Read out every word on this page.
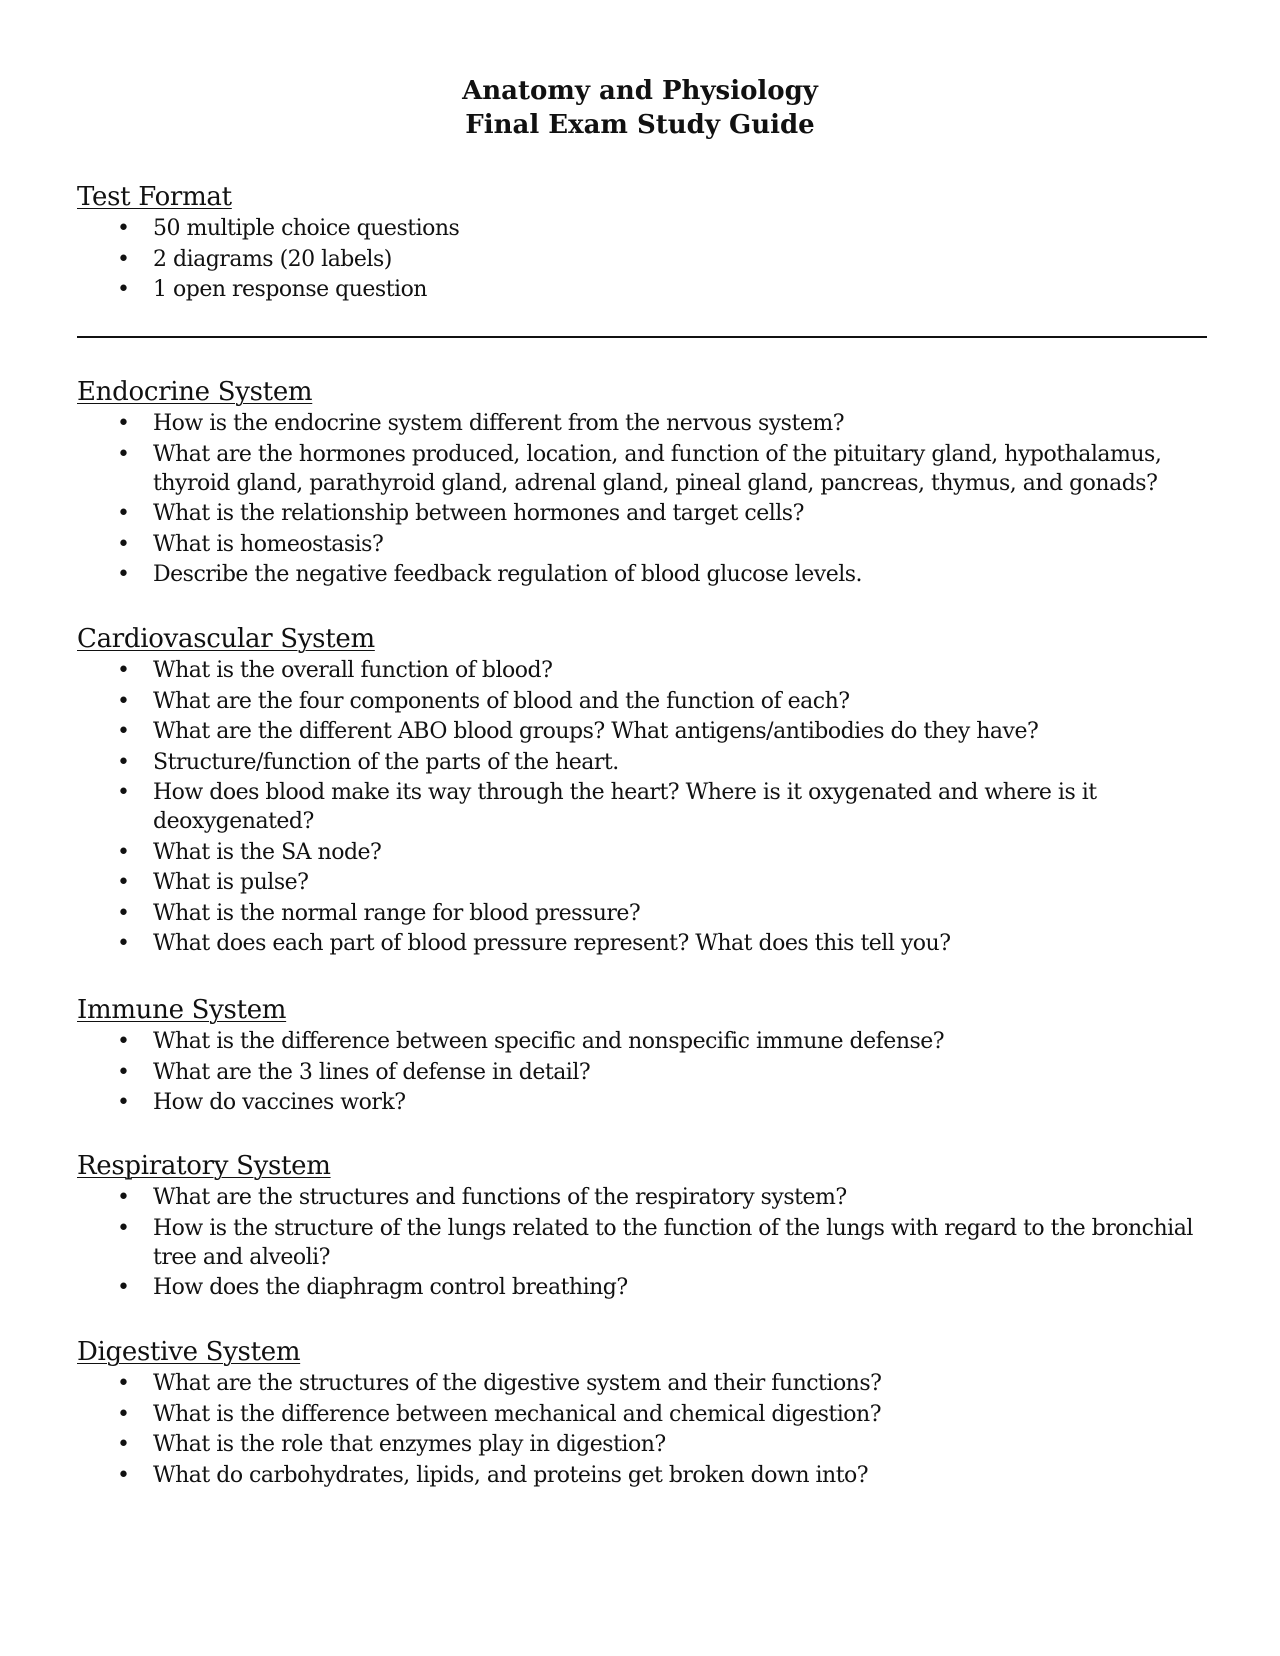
Anatomy and Physiology
Final Exam Study Guide
Test Format
• 50 multiple choice questions
• 2 diagrams (20 labels)
• 1 open response question
Endocrine System
• How is the endocrine system different from the nervous system?
• What are the hormones produced, location, and function of the pituitary gland, hypothalamus, thyroid gland, parathyroid gland, adrenal gland, pineal gland, pancreas, thymus, and gonads?
• What is the relationship between hormones and target cells?
• What is homeostasis?
• Describe the negative feedback regulation of blood glucose levels.
Cardiovascular System
• What is the overall function of blood?
• What are the four components of blood and the function of each?
• What are the different ABO blood groups? What antigens/antibodies do they have?
• Structure/function of the parts of the heart.
• How does blood make its way through the heart? Where is it oxygenated and where is it deoxygenated?
• What is the SA node?
• What is pulse?
• What is the normal range for blood pressure?
• What does each part of blood pressure represent? What does this tell you?
Immune System
• What is the difference between specific and nonspecific immune defense?
• What are the 3 lines of defense in detail?
• How do vaccines work?
Respiratory System
• What are the structures and functions of the respiratory system?
• How is the structure of the lungs related to the function of the lungs with regard to the bronchial tree and alveoli?
• How does the diaphragm control breathing?
Digestive System
• What are the structures of the digestive system and their functions?
• What is the difference between mechanical and chemical digestion?
• What is the role that enzymes play in digestion?
• What do carbohydrates, lipids, and proteins get broken down into?
